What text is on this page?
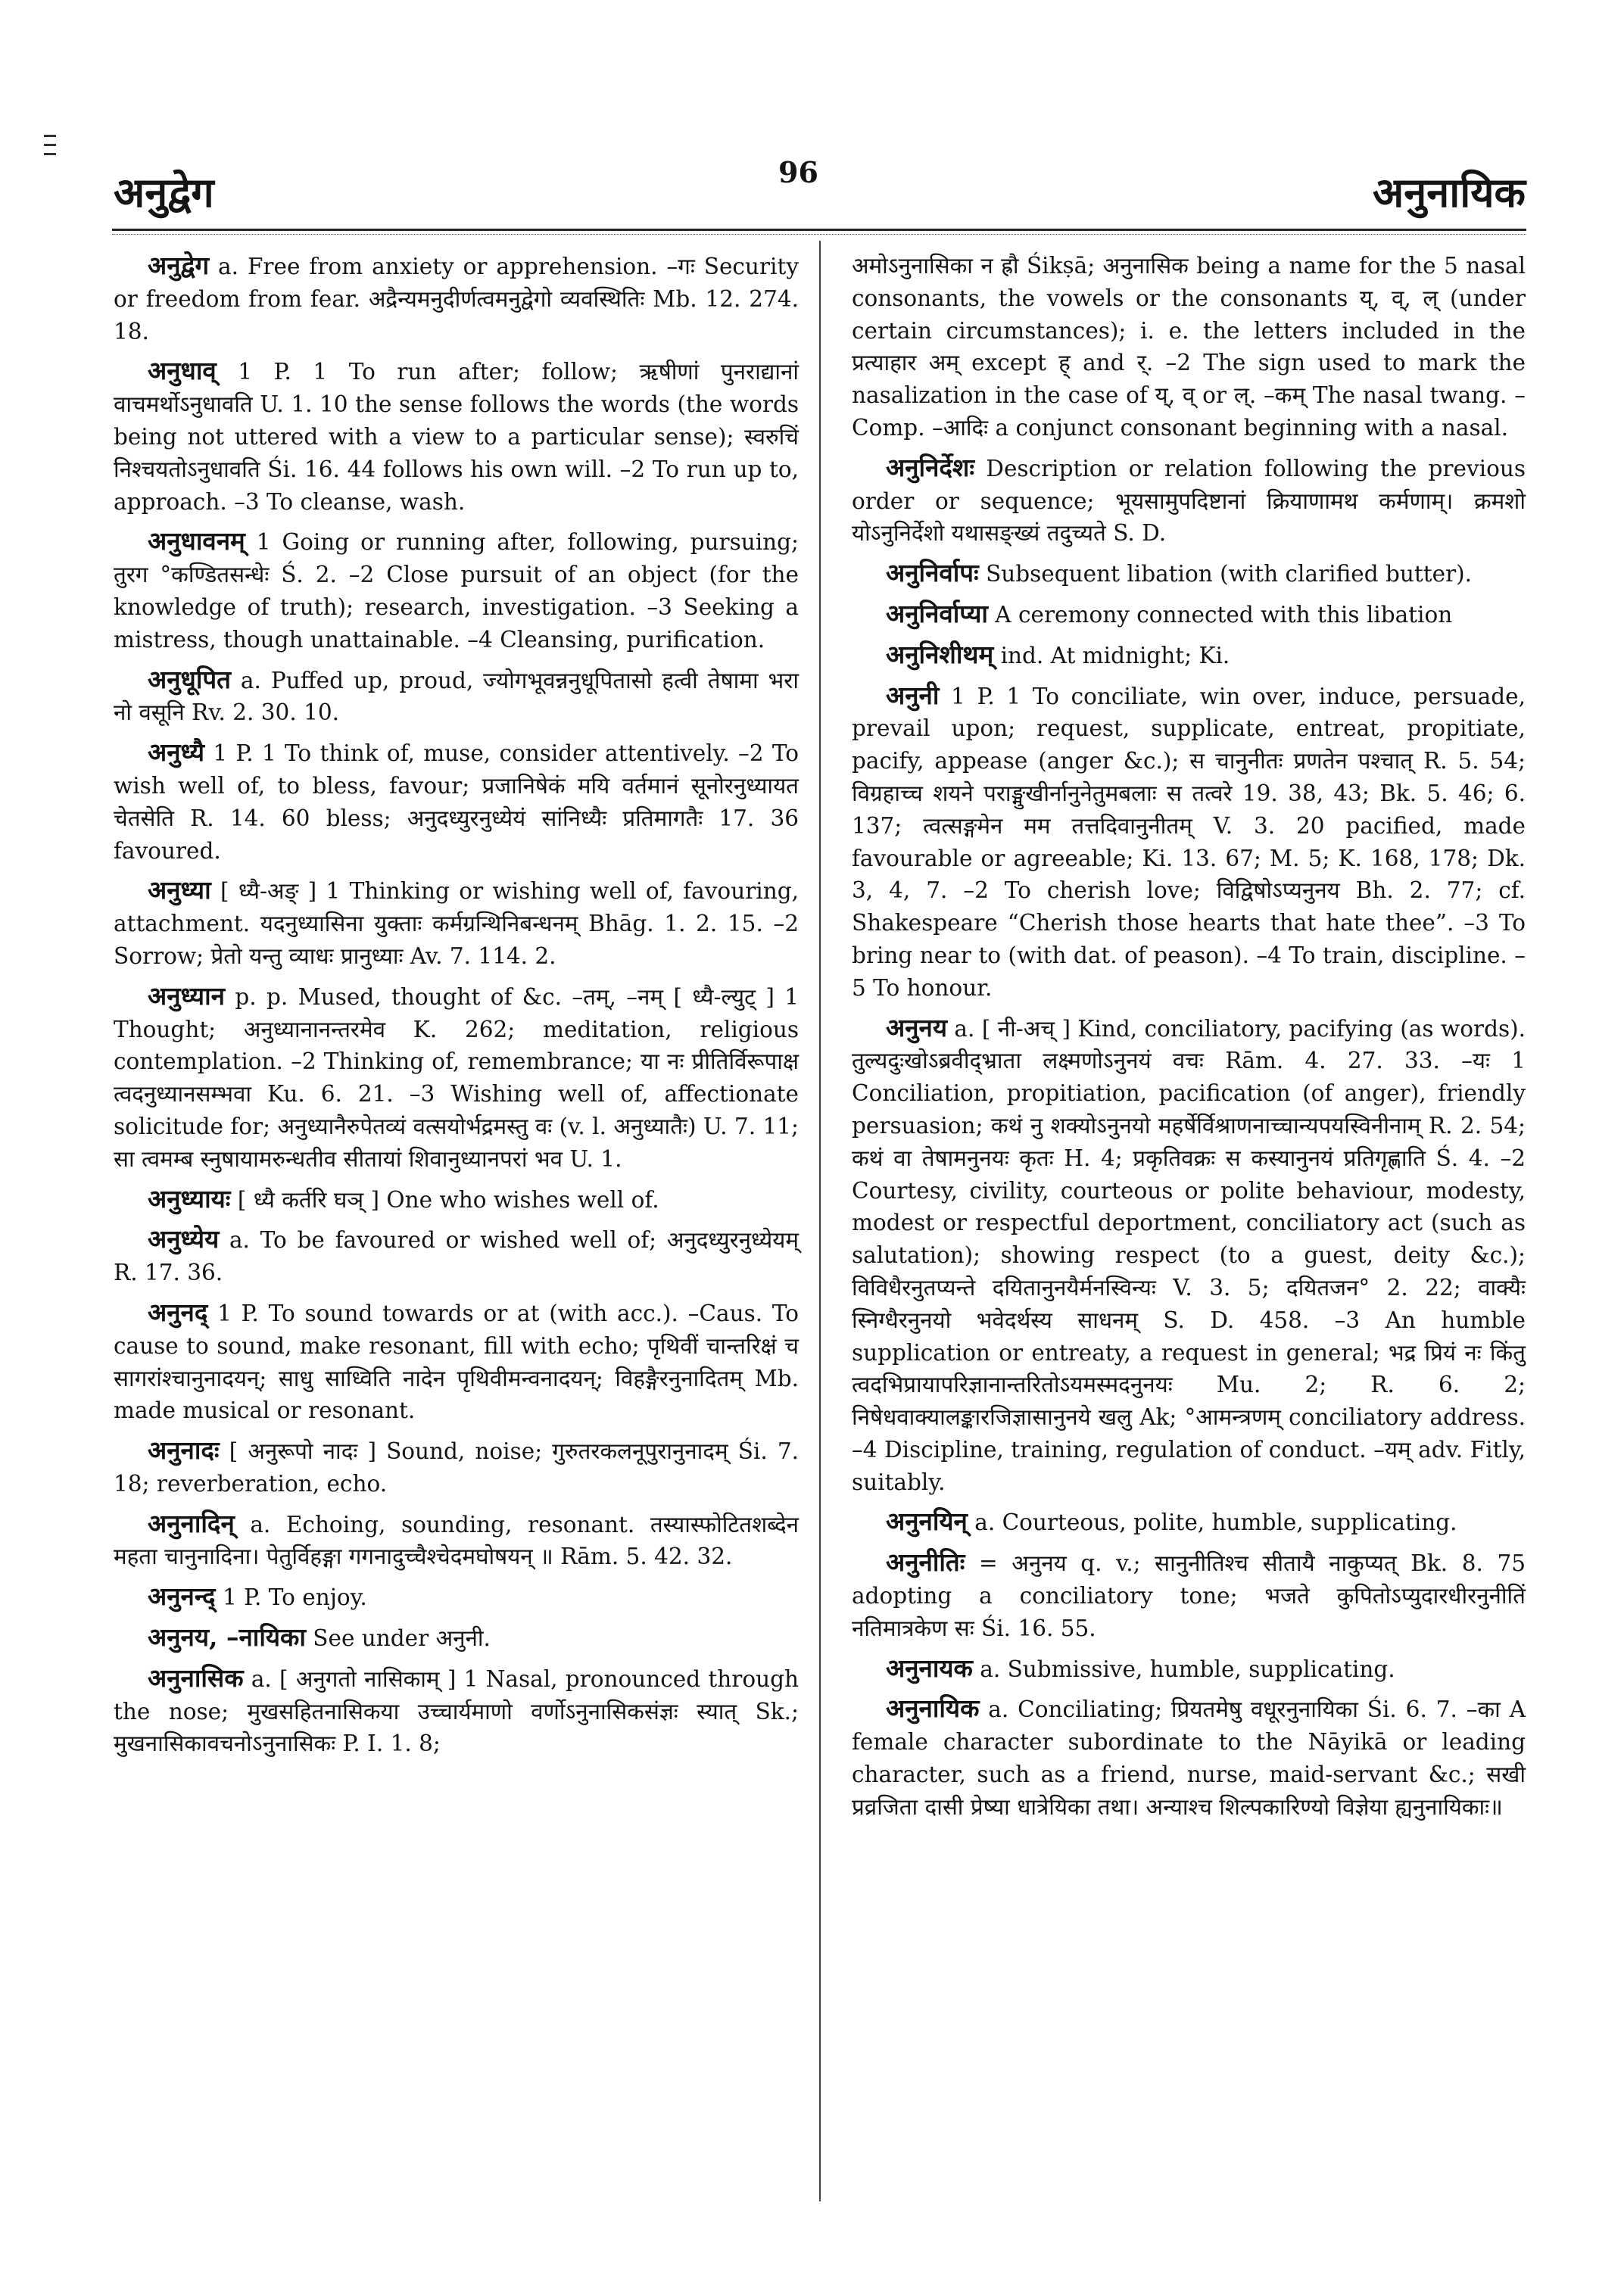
अनुद्वेग	96	अनुनायिक

अनुद्वेग a. Free from anxiety or apprehension. –गः Security or freedom from fear. अद्रैन्यमनुदीर्णत्वमनुद्वेगो व्यवस्थितिः Mb. 12. 274. 18.

अनुधाव् 1 P. 1 To run after; follow; ऋषीणां पुनराद्यानां वाचमर्थोऽनुधावति U. 1. 10 the sense follows the words (the words being not uttered with a view to a particular sense); स्वरुचिं निश्चयतोऽनुधावति Śi. 16. 44 follows his own will. –2 To run up to, approach. –3 To cleanse, wash.

अनुधावनम् 1 Going or running after, following, pursuing; तुरग °कण्डितसन्धेः Ś. 2. –2 Close pursuit of an object (for the knowledge of truth); research, investigation. –3 Seeking a mistress, though unattainable. –4 Cleansing, purification.

अनुधूपित a. Puffed up, proud, ज्योगभूवन्ननुधूपितासो हत्वी तेषामा भरा नो वसूनि Rv. 2. 30. 10.

अनुध्यै 1 P. 1 To think of, muse, consider attentively. –2 To wish well of, to bless, favour; प्रजानिषेकं मयि वर्तमानं सूनोरनुध्यायत चेतसेति R. 14. 60 bless; अनुदध्युरनुध्येयं सांनिध्यैः प्रतिमागतैः 17. 36 favoured.

अनुध्या [ ध्यै-अङ् ] 1 Thinking or wishing well of, favouring, attachment. यदनुध्यासिना युक्ताः कर्मग्रन्थिनिबन्धनम् Bhāg. 1. 2. 15. –2 Sorrow; प्रेतो यन्तु व्याधः प्रानुध्याः Av. 7. 114. 2.

अनुध्यान p. p. Mused, thought of &c. –तम्, –नम् [ ध्यै-ल्युट् ] 1 Thought; अनुध्यानानन्तरमेव K. 262; meditation, religious contemplation. –2 Thinking of, remembrance; या नः प्रीतिर्विरूपाक्ष त्वदनुध्यानसम्भवा Ku. 6. 21. –3 Wishing well of, affectionate solicitude for; अनुध्यानैरुपेतव्यं वत्सयोर्भद्रमस्तु वः (v. l. अनुध्यातैः) U. 7. 11; सा त्वमम्ब स्नुषायामरुन्धतीव सीतायां शिवानुध्यानपरां भव U. 1.

अनुध्यायः [ ध्यै कर्तरि घञ् ] One who wishes well of.

अनुध्येय a. To be favoured or wished well of; अनुदध्युरनुध्येयम् R. 17. 36.

अनुनद् 1 P. To sound towards or at (with acc.). –Caus. To cause to sound, make resonant, fill with echo; पृथिवीं चान्तरिक्षं च सागरांश्चानुनादयन्; साधु साध्विति नादेन पृथिवीमन्वनादयन्; विहङ्गैरनुनादितम् Mb. made musical or resonant.

अनुनादः [ अनुरूपो नादः ] Sound, noise; गुरुतरकलनूपुरानुनादम् Śi. 7. 18; reverberation, echo.

अनुनादिन् a. Echoing, sounding, resonant. तस्यास्फोटितशब्देन महता चानुनादिना। पेतुर्विहङ्गा गगनादुच्चैश्चेदमघोषयन् ॥ Rām. 5. 42. 32.

अनुनन्द् 1 P. To enjoy.

अनुनय, –नायिका See under अनुनी.

अनुनासिक a. [ अनुगतो नासिकाम् ] 1 Nasal, pronounced through the nose; मुखसहितनासिकया उच्चार्यमाणो वर्णोऽनुनासिकसंज्ञः स्यात् Sk.; मुखनासिकावचनोऽनुनासिकः P. I. 1. 8;

अमोऽनुनासिका न ह्रौ Śikṣā; अनुनासिक being a name for the 5 nasal consonants, the vowels or the consonants य्, व्, ल् (under certain circumstances); i. e. the letters included in the प्रत्याहार अम् except ह् and र्. –2 The sign used to mark the nasalization in the case of य्, व् or ल्. –कम् The nasal twang. –Comp. –आदिः a conjunct consonant beginning with a nasal.

अनुनिर्देशः Description or relation following the previous order or sequence; भूयसामुपदिष्टानां क्रियाणामथ कर्मणाम्। क्रमशो योऽनुनिर्देशो यथासङ्ख्यं तदुच्यते S. D.

अनुनिर्वापः Subsequent libation (with clarified butter).

अनुनिर्वाप्या A ceremony connected with this libation

अनुनिशीथम् ind. At midnight; Ki.

अनुनी 1 P. 1 To conciliate, win over, induce, persuade, prevail upon; request, supplicate, entreat, propitiate, pacify, appease (anger &c.); स चानुनीतः प्रणतेन पश्चात् R. 5. 54; विग्रहाच्च शयने पराङ्मुखीर्नानुनेतुमबलाः स तत्वरे 19. 38, 43; Bk. 5. 46; 6. 137; त्वत्सङ्गमेन मम तत्तदिवानुनीतम् V. 3. 20 pacified, made favourable or agreeable; Ki. 13. 67; M. 5; K. 168, 178; Dk. 3, 4, 7. –2 To cherish love; विद्विषोऽप्यनुनय Bh. 2. 77; cf. Shakespeare “Cherish those hearts that hate thee”. –3 To bring near to (with dat. of peason). –4 To train, discipline. –5 To honour.

अनुनय a. [ नी-अच् ] Kind, conciliatory, pacifying (as words). तुल्यदुःखोऽब्रवीद्भ्राता लक्ष्मणोऽनुनयं वचः Rām. 4. 27. 33. –यः 1 Conciliation, propitiation, pacification (of anger), friendly persuasion; कथं नु शक्योऽनुनयो महर्षेर्विश्राणनाच्चान्यपयस्विनीनाम् R. 2. 54; कथं वा तेषामनुनयः कृतः H. 4; प्रकृतिवक्रः स कस्यानुनयं प्रतिगृह्णाति Ś. 4. –2 Courtesy, civility, courteous or polite behaviour, modesty, modest or respectful deportment, conciliatory act (such as salutation); showing respect (to a guest, deity &c.); विविधैरनुतप्यन्ते दयितानुनयैर्मनस्विन्यः V. 3. 5; दयितजन° 2. 22; वाक्यैः स्निग्धैरनुनयो भवेदर्थस्य साधनम् S. D. 458. –3 An humble supplication or entreaty, a request in general; भद्र प्रियं नः किंतु त्वदभिप्रायापरिज्ञानान्तरितोऽयमस्मदनुनयः Mu. 2; R. 6. 2; निषेधवाक्यालङ्कारजिज्ञासानुनये खलु Ak; °आमन्त्रणम् conciliatory address. –4 Discipline, training, regulation of conduct. –यम् adv. Fitly, suitably.

अनुनयिन् a. Courteous, polite, humble, supplicating.

अनुनीतिः = अनुनय q. v.; सानुनीतिश्च सीतायै नाकुप्यत् Bk. 8. 75 adopting a conciliatory tone; भजते कुपितोऽप्युदारधीरनुनीतिं नतिमात्रकेण सः Śi. 16. 55.

अनुनायक a. Submissive, humble, supplicating.

अनुनायिक a. Conciliating; प्रियतमेषु वधूरनुनायिका Śi. 6. 7. –का A female character subordinate to the Nāyikā or leading character, such as a friend, nurse, maid-servant &c.; सखी प्रव्रजिता दासी प्रेष्या धात्रेयिका तथा। अन्याश्च शिल्पकारिण्यो विज्ञेया ह्यनुनायिकाः॥
